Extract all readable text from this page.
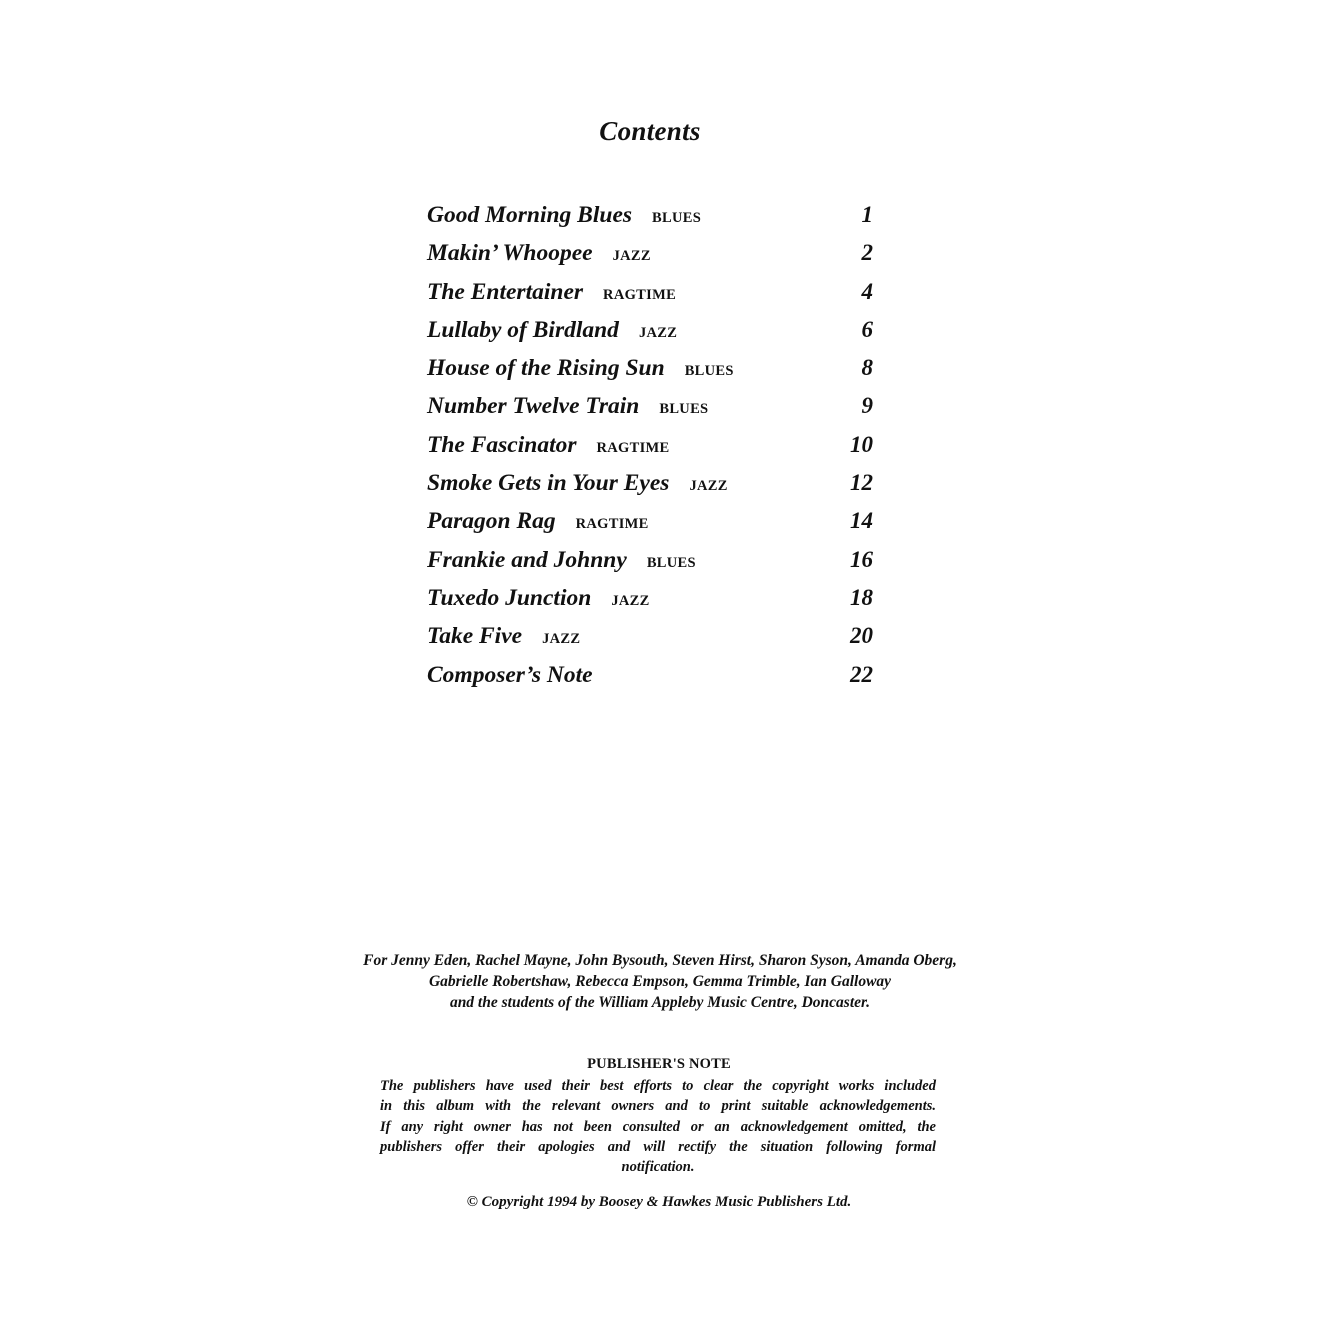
Contents
Good Morning Blues BLUES	1
Makin’ Whoopee JAZZ	2
The Entertainer RAGTIME	4
Lullaby of Birdland JAZZ	6
House of the Rising Sun BLUES	8
Number Twelve Train BLUES	9
The Fascinator RAGTIME	10
Smoke Gets in Your Eyes JAZZ	12
Paragon Rag RAGTIME	14
Frankie and Johnny BLUES	16
Tuxedo Junction JAZZ	18
Take Five JAZZ	20
Composer’s Note	22
For Jenny Eden, Rachel Mayne, John Bysouth, Steven Hirst, Sharon Syson, Amanda Oberg,
Gabrielle Robertshaw, Rebecca Empson, Gemma Trimble, Ian Galloway
and the students of the William Appleby Music Centre, Doncaster.
PUBLISHER'S NOTE
The publishers have used their best efforts to clear the copyright works included
in this album with the relevant owners and to print suitable acknowledgements.
If any right owner has not been consulted or an acknowledgement omitted, the
publishers offer their apologies and will rectify the situation following formal
notification.
© Copyright 1994 by Boosey & Hawkes Music Publishers Ltd.
